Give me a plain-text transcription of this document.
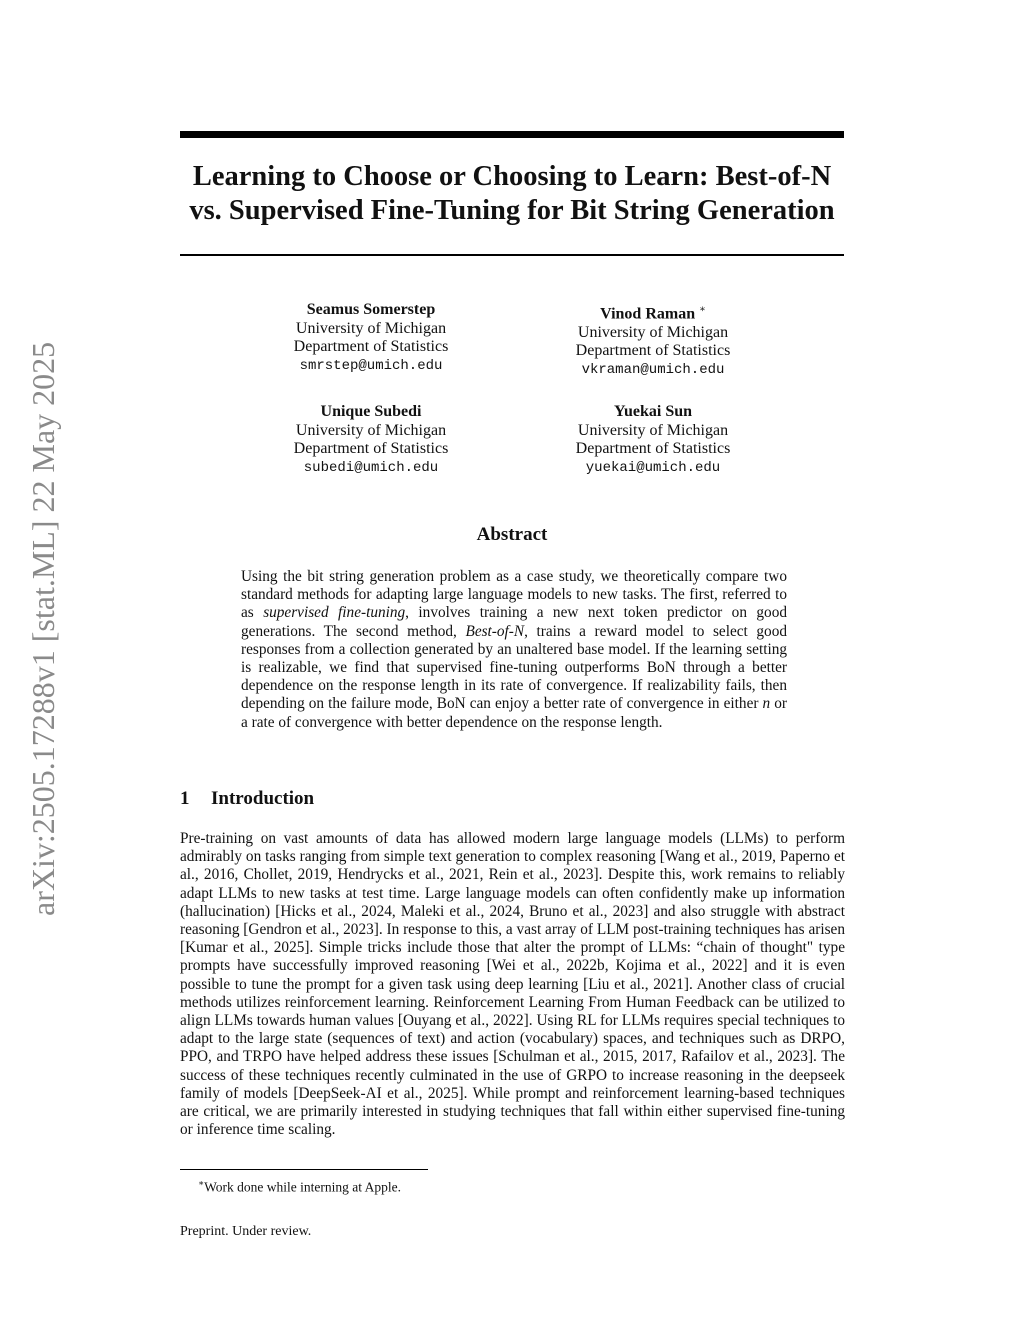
arXiv:2505.17288v1 [stat.ML] 22 May 2025
Learning to Choose or Choosing to Learn: Best-of-N
vs. Supervised Fine-Tuning for Bit String Generation
Seamus Somerstep
University of Michigan
Department of Statistics
smrstep@umich.edu
Vinod Raman ∗
University of Michigan
Department of Statistics
vkraman@umich.edu
Unique Subedi
University of Michigan
Department of Statistics
subedi@umich.edu
Yuekai Sun
University of Michigan
Department of Statistics
yuekai@umich.edu
Abstract

Using the bit string generation problem as a case study, we theoretically compare two standard methods for adapting large language models to new tasks. The first, referred to as supervised fine-tuning, involves training a new next token predictor on good generations. The second method, Best-of-N, trains a reward model to select good responses from a collection generated by an unaltered base model. If the learning setting is realizable, we find that supervised fine-tuning outperforms BoN through a better dependence on the response length in its rate of convergence. If realizability fails, then depending on the failure mode, BoN can enjoy a better rate of convergence in either n or a rate of convergence with better dependence on the response length.

1 Introduction

Pre-training on vast amounts of data has allowed modern large language models (LLMs) to perform admirably on tasks ranging from simple text generation to complex reasoning [Wang et al., 2019, Paperno et al., 2016, Chollet, 2019, Hendrycks et al., 2021, Rein et al., 2023]. Despite this, work remains to reliably adapt LLMs to new tasks at test time. Large language models can often confidently make up information (hallucination) [Hicks et al., 2024, Maleki et al., 2024, Bruno et al., 2023] and also struggle with abstract reasoning [Gendron et al., 2023]. In response to this, a vast array of LLM post-training techniques has arisen [Kumar et al., 2025]. Simple tricks include those that alter the prompt of LLMs: “chain of thought" type prompts have successfully improved reasoning [Wei et al., 2022b, Kojima et al., 2022] and it is even possible to tune the prompt for a given task using deep learning [Liu et al., 2021]. Another class of crucial methods utilizes reinforcement learning. Reinforcement Learning From Human Feedback can be utilized to align LLMs towards human values [Ouyang et al., 2022]. Using RL for LLMs requires special techniques to adapt to the large state (sequences of text) and action (vocabulary) spaces, and techniques such as DRPO, PPO, and TRPO have helped address these issues [Schulman et al., 2015, 2017, Rafailov et al., 2023]. The success of these techniques recently culminated in the use of GRPO to increase reasoning in the deepseek family of models [DeepSeek-AI et al., 2025]. While prompt and reinforcement learning-based techniques are critical, we are primarily interested in studying techniques that fall within either supervised fine-tuning or inference time scaling.

∗Work done while interning at Apple.
Preprint. Under review.
